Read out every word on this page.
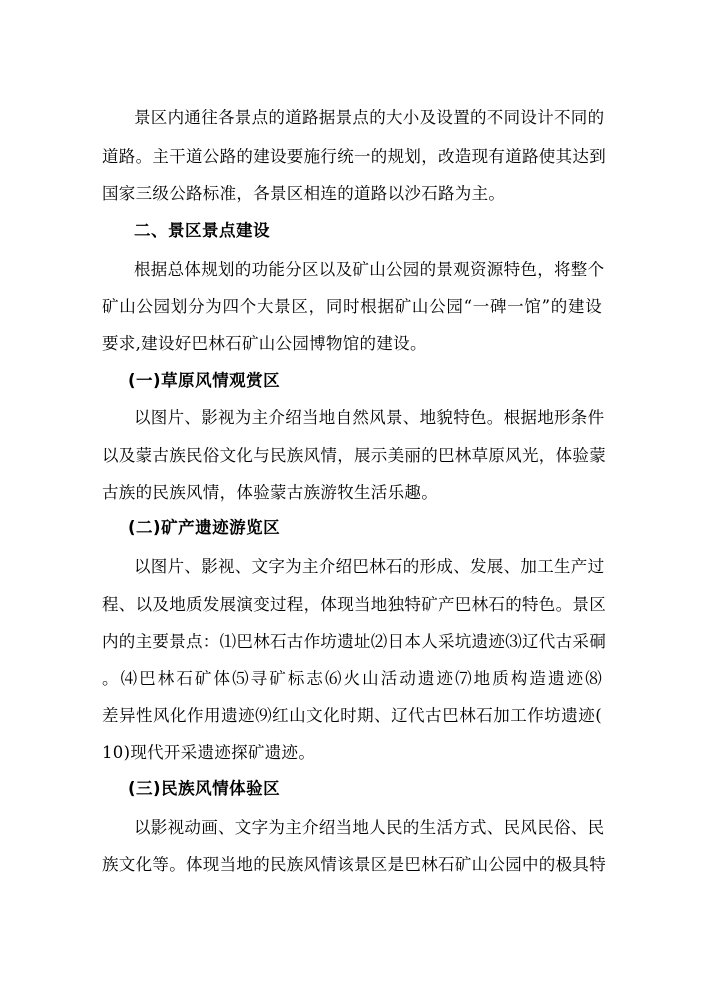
景区内通往各景点的道路据景点的大小及设置的不同设计不同的
道路。主干道公路的建设要施行统一的规划，改造现有道路使其达到
国家三级公路标准，各景区相连的道路以沙石路为主。
二、景区景点建设
根据总体规划的功能分区以及矿山公园的景观资源特色，将整个
矿山公园划分为四个大景区，同时根据矿山公园“一碑一馆”的建设
要求,建设好巴林石矿山公园博物馆的建设。
(一)草原风情观赏区
以图片、影视为主介绍当地自然风景、地貌特色。根据地形条件
以及蒙古族民俗文化与民族风情，展示美丽的巴林草原风光，体验蒙
古族的民族风情，体验蒙古族游牧生活乐趣。
(二)矿产遗迹游览区
以图片、影视、文字为主介绍巴林石的形成、发展、加工生产过
程、以及地质发展演变过程，体现当地独特矿产巴林石的特色。景区
内的主要景点：⑴巴林石古作坊遗址⑵日本人采坑遗迹⑶辽代古采硐
。⑷巴林石矿体⑸寻矿标志⑹火山活动遗迹⑺地质构造遗迹⑻
差异性风化作用遗迹⑼红山文化时期、辽代古巴林石加工作坊遗迹(
10)现代开采遗迹探矿遗迹。
(三)民族风情体验区
以影视动画、文字为主介绍当地人民的生活方式、民风民俗、民
族文化等。体现当地的民族风情该景区是巴林石矿山公园中的极具特
